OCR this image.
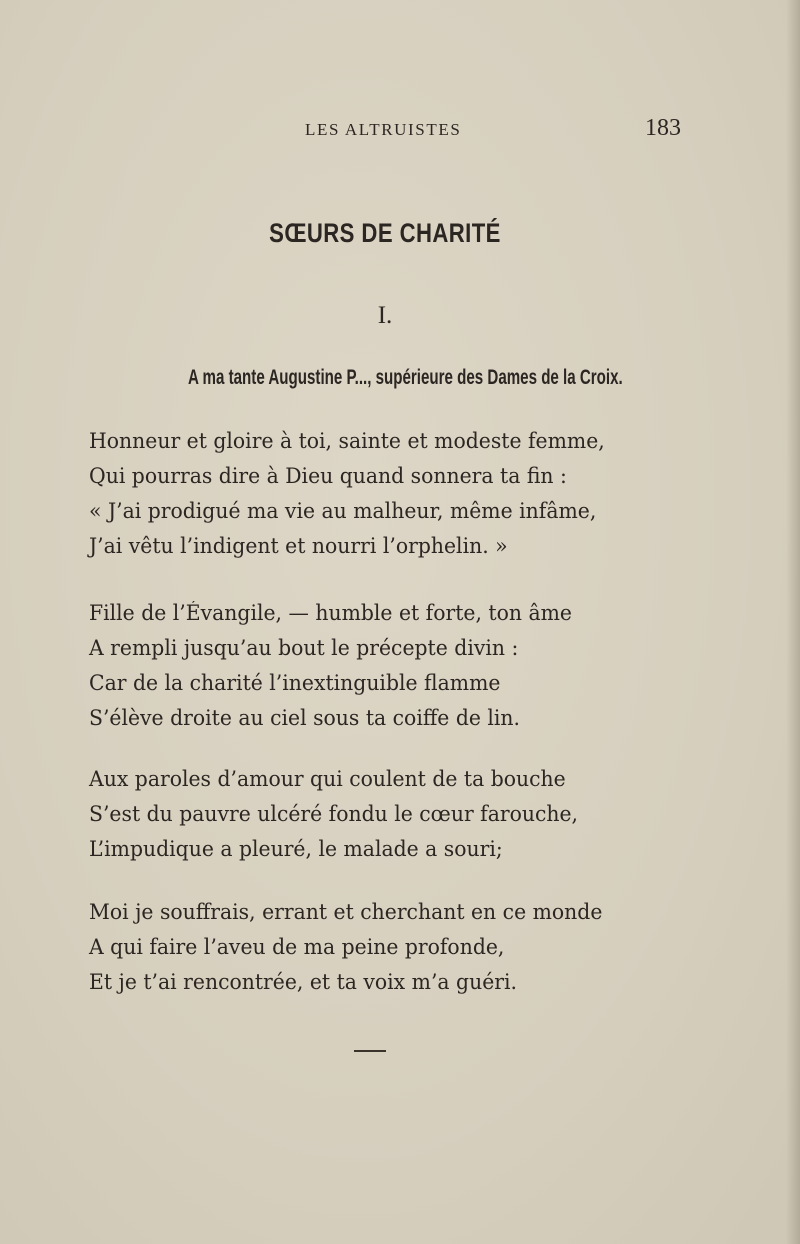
LES ALTRUISTES	183
SŒURS DE CHARITÉ
I.
A ma tante Augustine P..., supérieure des Dames de la Croix.
Honneur et gloire à toi, sainte et modeste femme,
Qui pourras dire à Dieu quand sonnera ta fin :
« J’ai prodigué ma vie au malheur, même infâme,
J’ai vêtu l’indigent et nourri l’orphelin. »
Fille de l’Évangile, — humble et forte, ton âme
A rempli jusqu’au bout le précepte divin :
Car de la charité l’inextinguible flamme
S’élève droite au ciel sous ta coiffe de lin.
Aux paroles d’amour qui coulent de ta bouche
S’est du pauvre ulcéré fondu le cœur farouche,
L’impudique a pleuré, le malade a souri;
Moi je souffrais, errant et cherchant en ce monde
A qui faire l’aveu de ma peine profonde,
Et je t’ai rencontrée, et ta voix m’a guéri.
